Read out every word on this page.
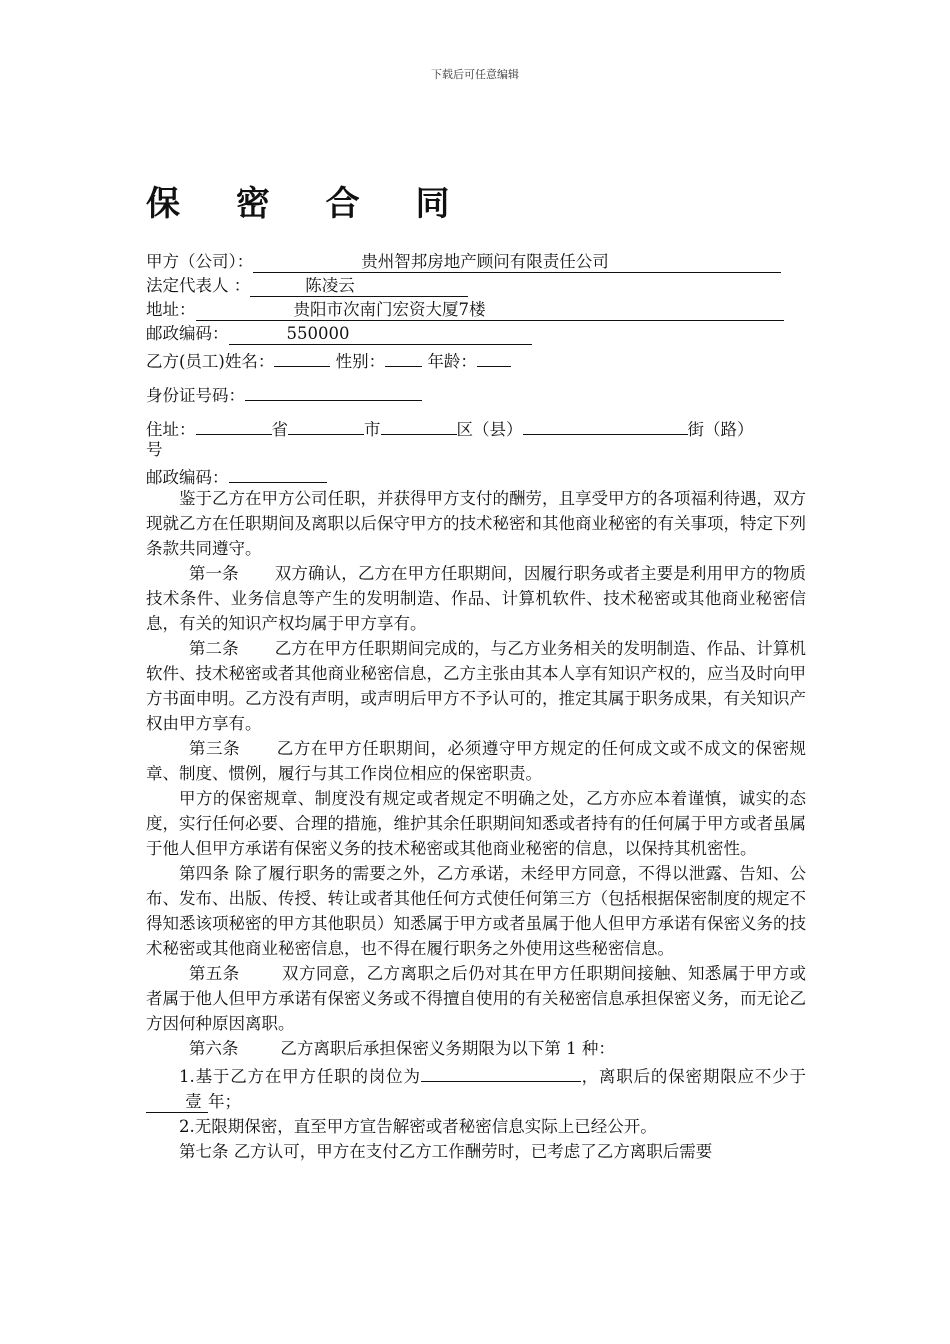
下载后可任意编辑
保 密 合 同
甲方（公司）：	贵州智邦房地产顾问有限责任公司
法定代表人 ：	陈凌云
地址：	贵阳市次南门宏资大厦7楼
邮政编码：	550000
乙方(员工)姓名：	性别：	年龄：
身份证号码：
住址：	省	市	区（县）	街（路）
号
邮政编码：

鉴于乙方在甲方公司任职，并获得甲方支付的酬劳，且享受甲方的各项福利待遇，双方现就乙方在任职期间及离职以后保守甲方的技术秘密和其他商业秘密的有关事项，特定下列条款共同遵守。

第一条 双方确认，乙方在甲方任职期间，因履行职务或者主要是利用甲方的物质技术条件、业务信息等产生的发明制造、作品、计算机软件、技术秘密或其他商业秘密信息，有关的知识产权均属于甲方享有。

第二条 乙方在甲方任职期间完成的，与乙方业务相关的发明制造、作品、计算机软件、技术秘密或者其他商业秘密信息，乙方主张由其本人享有知识产权的，应当及时向甲方书面申明。乙方没有声明，或声明后甲方不予认可的，推定其属于职务成果，有关知识产权由甲方享有。

第三条 乙方在甲方任职期间，必须遵守甲方规定的任何成文或不成文的保密规章、制度、惯例，履行与其工作岗位相应的保密职责。

甲方的保密规章、制度没有规定或者规定不明确之处，乙方亦应本着谨慎，诚实的态度，实行任何必要、合理的措施，维护其余任职期间知悉或者持有的任何属于甲方或者虽属于他人但甲方承诺有保密义务的技术秘密或其他商业秘密的信息，以保持其机密性。

第四条 除了履行职务的需要之外，乙方承诺，未经甲方同意，不得以泄露、告知、公布、发布、出版、传授、转让或者其他任何方式使任何第三方（包括根据保密制度的规定不得知悉该项秘密的甲方其他职员）知悉属于甲方或者虽属于他人但甲方承诺有保密义务的技术秘密或其他商业秘密信息，也不得在履行职务之外使用这些秘密信息。

第五条	双方同意，乙方离职之后仍对其在甲方任职期间接触、知悉属于甲方或者属于他人但甲方承诺有保密义务或不得擅自使用的有关秘密信息承担保密义务，而无论乙方因何种原因离职。

第六条	乙方离职后承担保密义务期限为以下第 1 种：

1.基于乙方在甲方任职的岗位为	，离职后的保密期限应不少于壹 年；

2.无限期保密，直至甲方宣告解密或者秘密信息实际上已经公开。

第七条 乙方认可，甲方在支付乙方工作酬劳时，已考虑了乙方离职后需要
